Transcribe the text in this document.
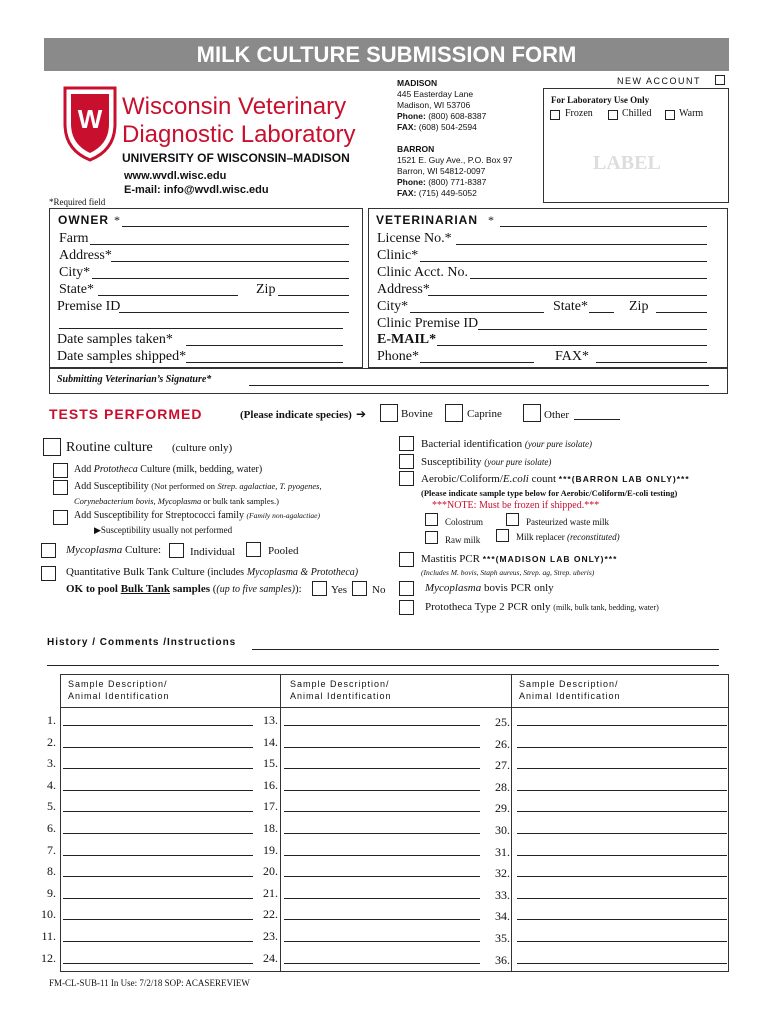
MILK CULTURE SUBMISSION FORM
W Wisconsin Veterinary
Diagnostic Laboratory
UNIVERSITY OF WISCONSIN–MADISON
www.wvdl.wisc.edu
E-mail: info@wvdl.wisc.edu
*Required field
MADISON
445 Easterday Lane
Madison, WI 53706
Phone: (800) 608-8387
FAX: (608) 504-2594
BARRON
1521 E. Guy Ave., P.O. Box 97
Barron, WI 54812-0097
Phone: (800) 771-8387
FAX: (715) 449-5052
NEW ACCOUNT
For Laboratory Use Only
Frozen	Chilled	Warm
LABEL
OWNER *
Farm
Address*
City*
State*	Zip
Premise ID
Date samples taken*
Date samples shipped*
VETERINARIAN *
License No.*
Clinic*
Clinic Acct. No.
Address*
City*	State*	Zip
Clinic Premise ID
E-MAIL*
Phone*	FAX*
Submitting Veterinarian’s Signature*
TESTS PERFORMED	(Please indicate species) ➔	Bovine	Caprine	Other
Routine culture (culture only)
Add Prototheca Culture (milk, bedding, water)
Add Susceptibility (Not performed on Strep. agalactiae, T. pyogenes,
Corynebacterium bovis, Mycoplasma or bulk tank samples.)
Add Susceptibility for Streptococci family (Family non-agalactiae)
▶Susceptibility usually not performed
Mycoplasma Culture:	Individual	Pooled
Quantitative Bulk Tank Culture (includes Mycoplasma & Prototheca)
OK to pool Bulk Tank samples ((up to five samples)):	Yes No
Bacterial identification (your pure isolate)
Susceptibility (your pure isolate)
Aerobic/Coliform/E.coli count ***(BARRON LAB ONLY)***
(Please indicate sample type below for Aerobic/Coliform/E-coli testing)
***NOTE: Must be frozen if shipped.***
Colostrum	Pasteurized waste milk
Raw milk	Milk replacer (reconstituted)
Mastitis PCR ***(MADISON LAB ONLY)***
(Includes M. bovis, Staph aureus, Strep. ag, Strep. uberis)
Mycoplasma bovis PCR only
Prototheca Type 2 PCR only (milk, bulk tank, bedding, water)
History / Comments /Instructions
Sample Description/
Animal Identification
Sample Description/
Animal Identification
Sample Description/
Animal Identification
1.
2.
3.
4.
5.
6.
7.
8.
9.
10.
11.
12.
13.
14.
15.
16.
17.
18.
19.
20.
21.
22.
23.
24.
25.
26.
27.
28.
29.
30.
31.
32.
33.
34.
35.
36.
FM-CL-SUB-11 In Use: 7/2/18 SOP: ACASEREVIEW
